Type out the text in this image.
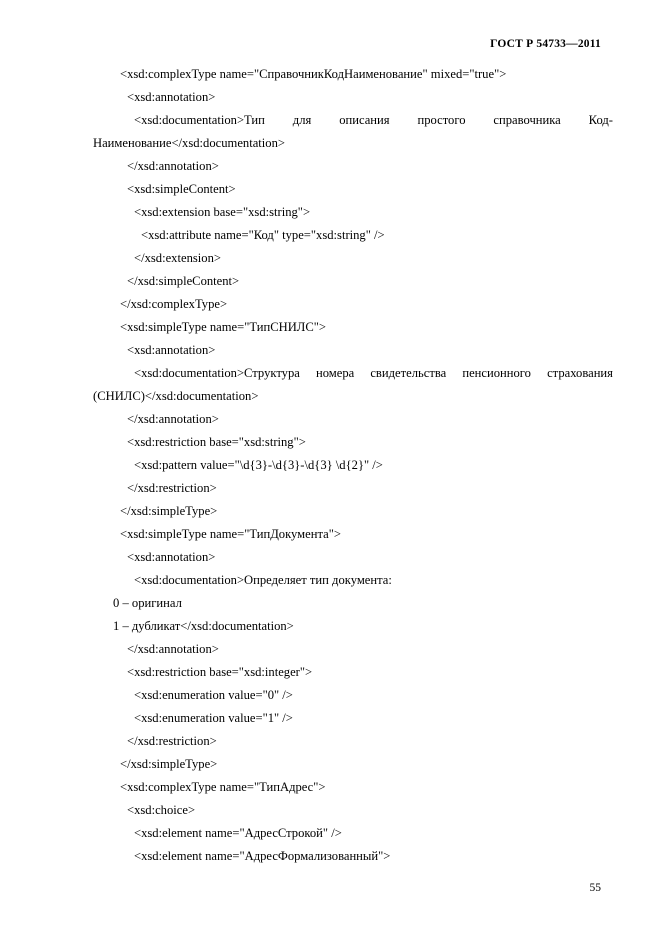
ГОСТ Р 54733—2011
<xsd:complexType name="СправочникКодНаименование" mixed="true">
<xsd:annotation>
<xsd:documentation>Тип для описания простого справочника Код-
Наименование</xsd:documentation>
</xsd:annotation>
<xsd:simpleContent>
<xsd:extension base="xsd:string">
<xsd:attribute name="Код" type="xsd:string" />
</xsd:extension>
</xsd:simpleContent>
</xsd:complexType>
<xsd:simpleType name="ТипСНИЛС">
<xsd:annotation>
<xsd:documentation>Структура номера свидетельства пенсионного страхования
(СНИЛС)</xsd:documentation>
</xsd:annotation>
<xsd:restriction base="xsd:string">
<xsd:pattern value="\d{3}-\d{3}-\d{3} \d{2}" />
</xsd:restriction>
</xsd:simpleType>
<xsd:simpleType name="ТипДокумента">
<xsd:annotation>
<xsd:documentation>Определяет тип документа:
0 – оригинал
1 – дубликат</xsd:documentation>
</xsd:annotation>
<xsd:restriction base="xsd:integer">
<xsd:enumeration value="0" />
<xsd:enumeration value="1" />
</xsd:restriction>
</xsd:simpleType>
<xsd:complexType name="ТипАдрес">
<xsd:choice>
<xsd:element name="АдресСтрокой" />
<xsd:element name="АдресФормализованный">
55
